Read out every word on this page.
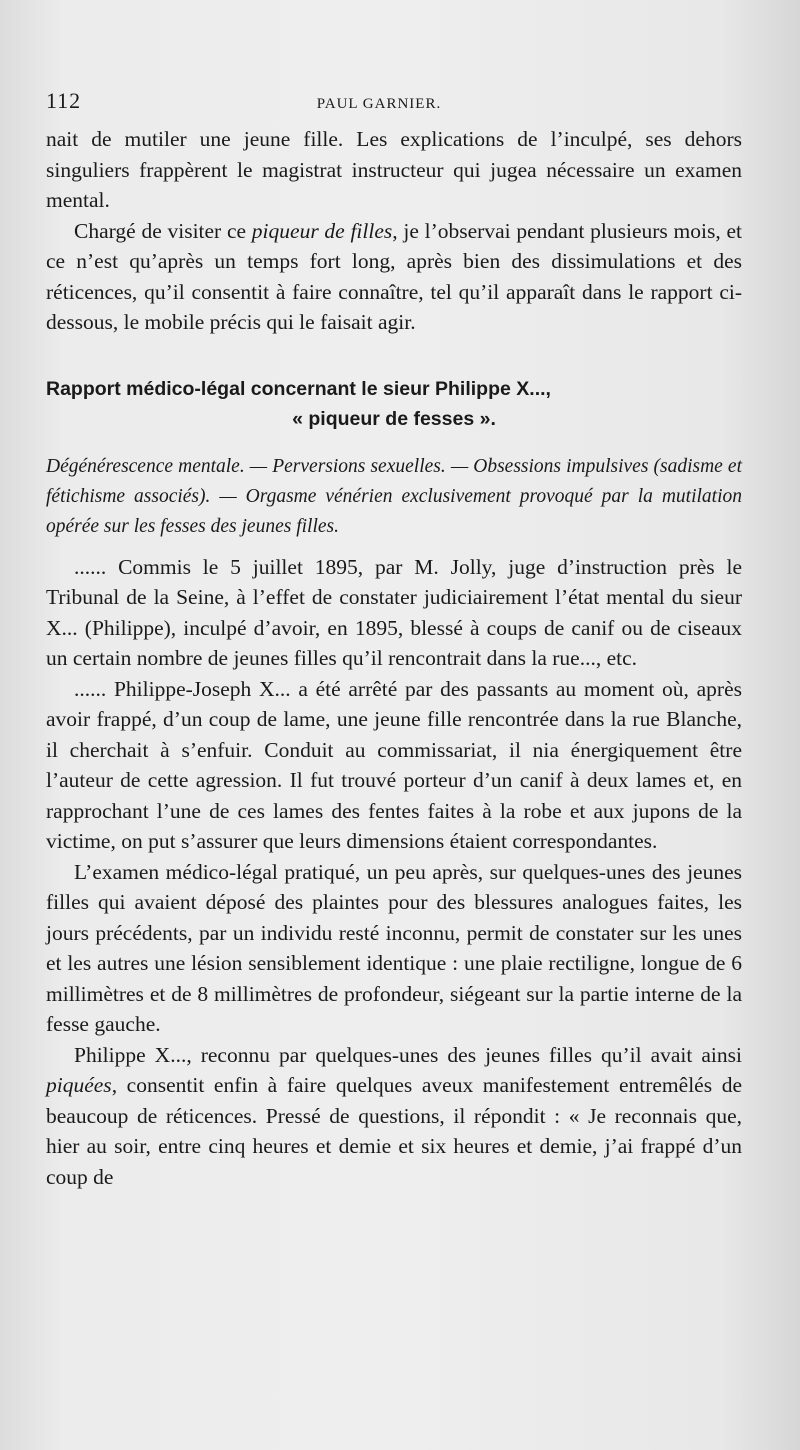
112	PAUL GARNIER.

nait de mutiler une jeune fille. Les explications de l’inculpé, ses dehors singuliers frappèrent le magistrat instructeur qui jugea nécessaire un examen mental.

Chargé de visiter ce piqueur de filles, je l’observai pendant plusieurs mois, et ce n’est qu’après un temps fort long, après bien des dissimulations et des réticences, qu’il consentit à faire connaître, tel qu’il apparaît dans le rapport ci-dessous, le mobile précis qui le faisait agir.

Rapport médico-légal concernant le sieur Philippe X...,
« piqueur de fesses ».

Dégénérescence mentale. — Perversions sexuelles. — Obsessions impulsives (sadisme et fétichisme associés). — Orgasme vénérien exclusivement provoqué par la mutilation opérée sur les fesses des jeunes filles.

...... Commis le 5 juillet 1895, par M. Jolly, juge d’instruction près le Tribunal de la Seine, à l’effet de constater judiciairement l’état mental du sieur X... (Philippe), inculpé d’avoir, en 1895, blessé à coups de canif ou de ciseaux un certain nombre de jeunes filles qu’il rencontrait dans la rue..., etc.

...... Philippe-Joseph X... a été arrêté par des passants au moment où, après avoir frappé, d’un coup de lame, une jeune fille rencontrée dans la rue Blanche, il cherchait à s’enfuir. Conduit au commissariat, il nia énergiquement être l’auteur de cette agression. Il fut trouvé porteur d’un canif à deux lames et, en rapprochant l’une de ces lames des fentes faites à la robe et aux jupons de la victime, on put s’assurer que leurs dimensions étaient correspondantes.

L’examen médico-légal pratiqué, un peu après, sur quelques-unes des jeunes filles qui avaient déposé des plaintes pour des blessures analogues faites, les jours précédents, par un individu resté inconnu, permit de constater sur les unes et les autres une lésion sensiblement identique : une plaie rectiligne, longue de 6 millimètres et de 8 millimètres de profondeur, siégeant sur la partie interne de la fesse gauche.

Philippe X..., reconnu par quelques-unes des jeunes filles qu’il avait ainsi piquées, consentit enfin à faire quelques aveux manifestement entremêlés de beaucoup de réticences. Pressé de questions, il répondit : « Je reconnais que, hier au soir, entre cinq heures et demie et six heures et demie, j’ai frappé d’un coup de
